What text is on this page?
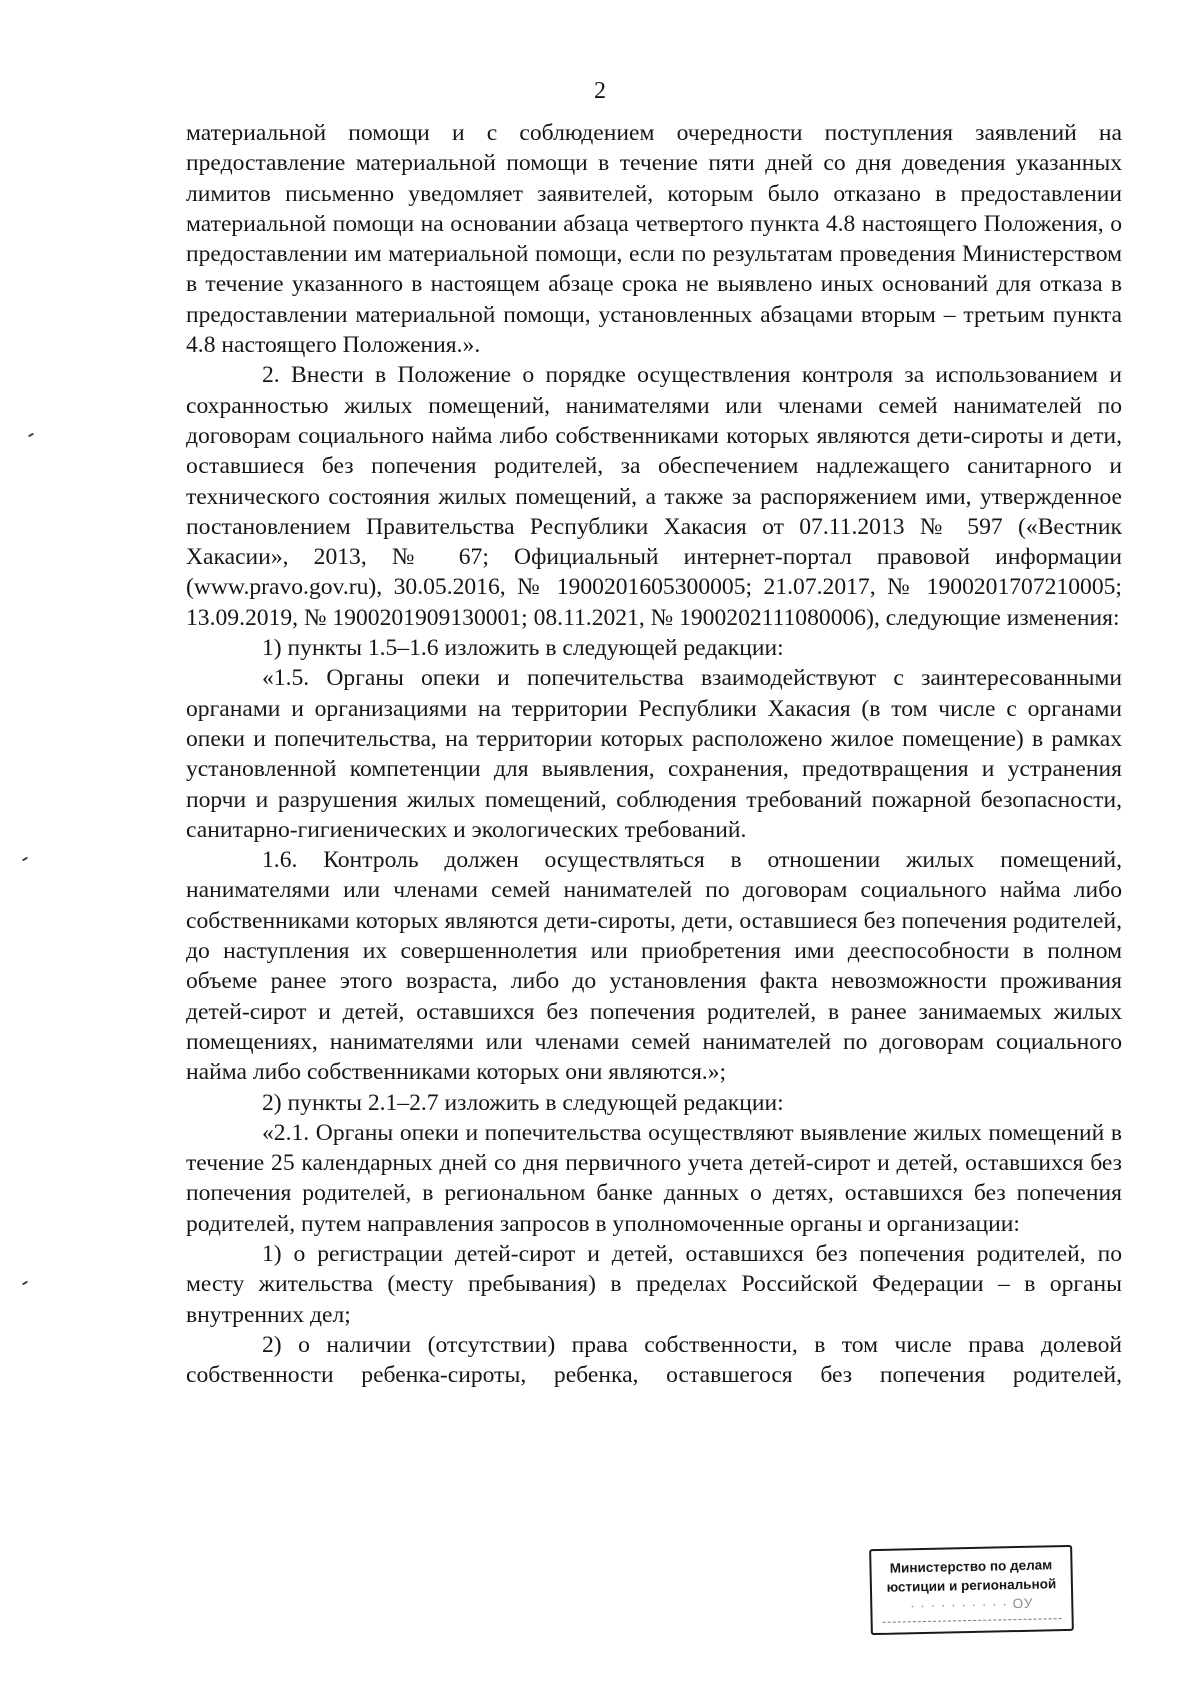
2

материальной помощи и с соблюдением очередности поступления заявлений на предоставление материальной помощи в течение пяти дней со дня доведения указанных лимитов письменно уведомляет заявителей, которым было отказано в предоставлении материальной помощи на основании абзаца четвертого пункта 4.8 настоящего Положения, о предоставлении им материальной помощи, если по результатам проведения Министерством в течение указанного в настоящем абзаце срока не выявлено иных оснований для отказа в предоставлении материальной помощи, установленных абзацами вторым – третьим пункта 4.8 настоящего Положения.».

2. Внести в Положение о порядке осуществления контроля за использованием и сохранностью жилых помещений, нанимателями или членами семей нанимателей по договорам социального найма либо собственниками которых являются дети-сироты и дети, оставшиеся без попечения родителей, за обеспечением надлежащего санитарного и технического состояния жилых помещений, а также за распоряжением ими, утвержденное постановлением Правительства Республики Хакасия от 07.11.2013 № 597 («Вестник Хакасии», 2013, № 67; Официальный интернет-портал правовой информации (www.pravo.gov.ru), 30.05.2016, № 1900201605300005; 21.07.2017, № 1900201707210005; 13.09.2019, № 1900201909130001; 08.11.2021, № 1900202111080006), следующие изменения:

1) пункты 1.5–1.6 изложить в следующей редакции:

«1.5. Органы опеки и попечительства взаимодействуют с заинтересованными органами и организациями на территории Республики Хакасия (в том числе с органами опеки и попечительства, на территории которых расположено жилое помещение) в рамках установленной компетенции для выявления, сохранения, предотвращения и устранения порчи и разрушения жилых помещений, соблюдения требований пожарной безопасности, санитарно-гигиенических и экологических требований.

1.6. Контроль должен осуществляться в отношении жилых помещений, нанимателями или членами семей нанимателей по договорам социального найма либо собственниками которых являются дети-сироты, дети, оставшиеся без попечения родителей, до наступления их совершеннолетия или приобретения ими дееспособности в полном объеме ранее этого возраста, либо до установления факта невозможности проживания детей-сирот и детей, оставшихся без попечения родителей, в ранее занимаемых жилых помещениях, нанимателями или членами семей нанимателей по договорам социального найма либо собственниками которых они являются.»;

2) пункты 2.1–2.7 изложить в следующей редакции:

«2.1. Органы опеки и попечительства осуществляют выявление жилых помещений в течение 25 календарных дней со дня первичного учета детей-сирот и детей, оставшихся без попечения родителей, в региональном банке данных о детях, оставшихся без попечения родителей, путем направления запросов в уполномоченные органы и организации:

1) о регистрации детей-сирот и детей, оставшихся без попечения родителей, по месту жительства (месту пребывания) в пределах Российской Федерации – в органы внутренних дел;

2) о наличии (отсутствии) права собственности, в том числе права долевой собственности ребенка-сироты, ребенка, оставшегося без попечения родителей,

Министерство по делам
юстиции и региональной
· · · · · · · · · · ОУ
